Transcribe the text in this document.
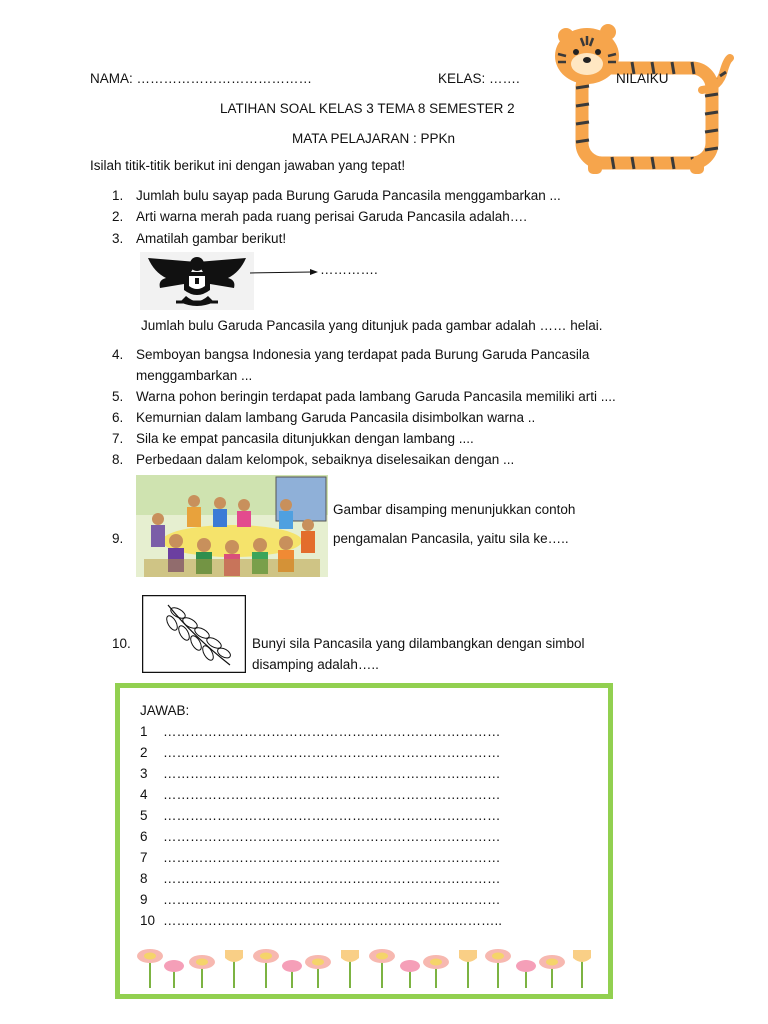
NAMA: …………………………………	KELAS: …….	NILAIKU
LATIHAN SOAL KELAS 3 TEMA 8 SEMESTER 2
MATA PELAJARAN : PPKn
Isilah titik-titik berikut ini dengan jawaban yang tepat!
1. Jumlah bulu sayap pada Burung Garuda Pancasila menggambarkan ...
2. Arti warna merah pada ruang perisai Garuda Pancasila adalah….
3. Amatilah gambar berikut!
………….
Jumlah bulu Garuda Pancasila yang ditunjuk pada gambar adalah …… helai.
4. Semboyan bangsa Indonesia yang terdapat pada Burung Garuda Pancasila
menggambarkan ...
5. Warna pohon beringin terdapat pada lambang Garuda Pancasila memiliki arti ....
6. Kemurnian dalam lambang Garuda Pancasila disimbolkan warna ..
7. Sila ke empat pancasila ditunjukkan dengan lambang ....
8. Perbedaan dalam kelompok, sebaiknya diselesaikan dengan ...
Gambar disamping menunjukkan contoh
9.	pengamalan Pancasila, yaitu sila ke…..
10.	Bunyi sila Pancasila yang dilambangkan dengan simbol
disamping adalah…..
JAWAB:
1 …………………………………………………………………
2 …………………………………………………………………
3 …………………………………………………………………
4 …………………………………………………………………
5 …………………………………………………………………
6 …………………………………………………………………
7 …………………………………………………………………
8 …………………………………………………………………
9 …………………………………………………………………
10 ………………………………………………………..………..
